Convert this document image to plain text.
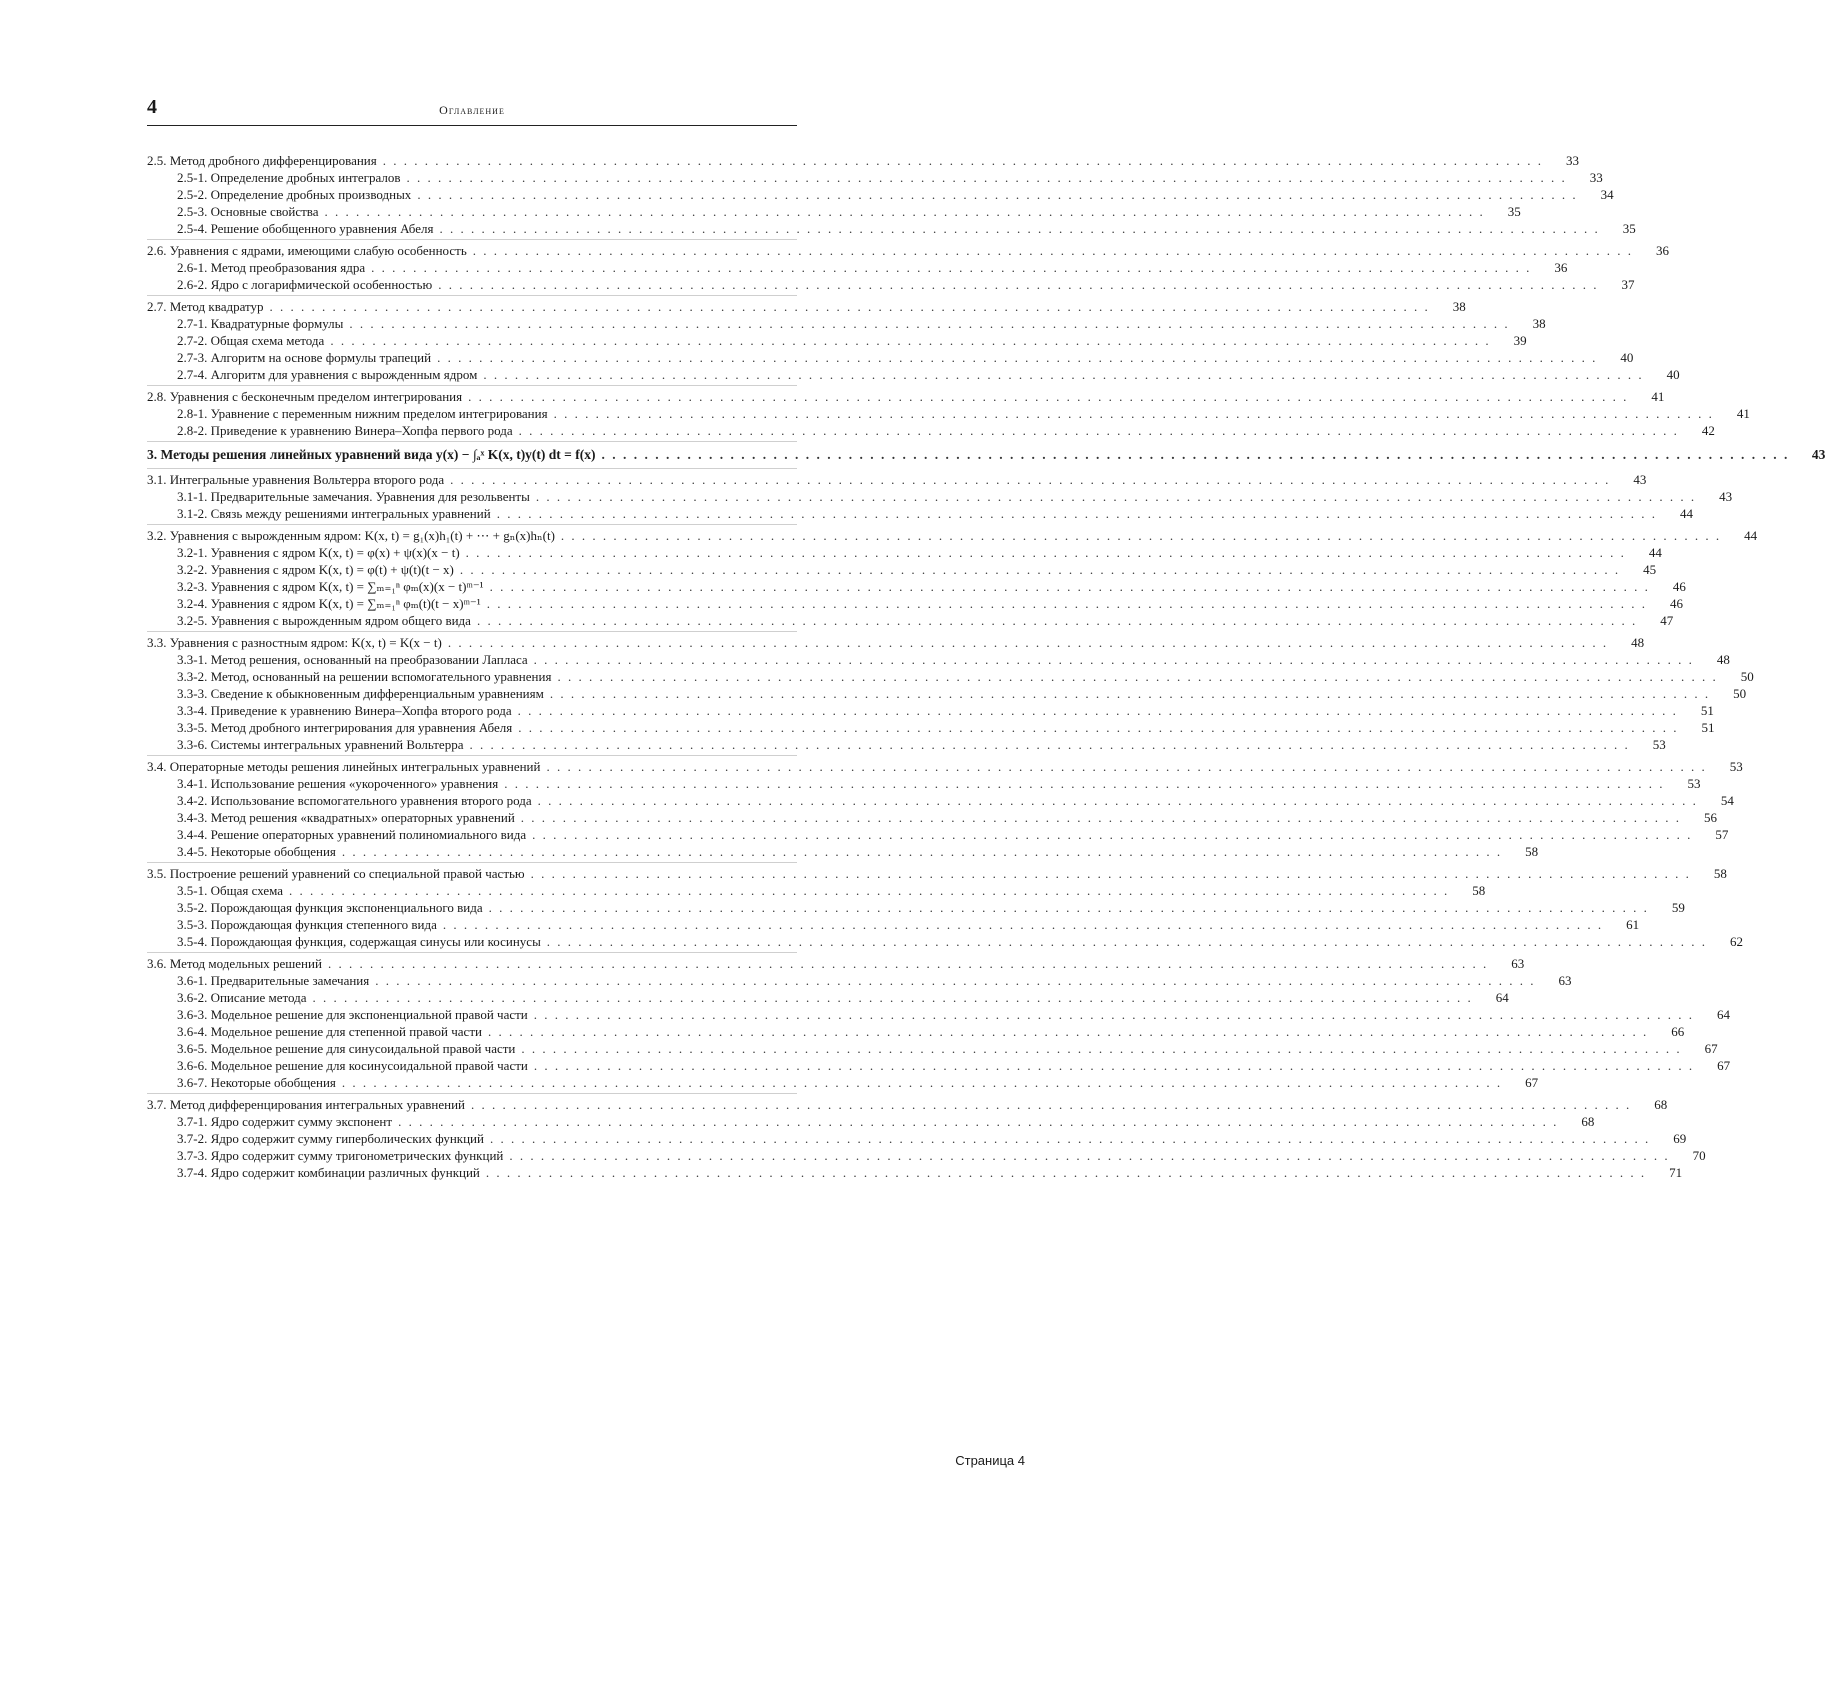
4	Оглавление
2.5. Метод дробного дифференцирования . . .	33
2.5-1. Определение дробных интегралов . . .	33
2.5-2. Определение дробных производных . . .	34
2.5-3. Основные свойства . . .	35
2.5-4. Решение обобщенного уравнения Абеля . . .	35
2.6. Уравнения с ядрами, имеющими слабую особенность . . .	36
2.6-1. Метод преобразования ядра . . .	36
2.6-2. Ядро с логарифмической особенностью . . .	37
2.7. Метод квадратур . . .	38
2.7-1. Квадратурные формулы . . .	38
2.7-2. Общая схема метода . . .	39
2.7-3. Алгоритм на основе формулы трапеций . . .	40
2.7-4. Алгоритм для уравнения с вырожденным ядром . . .	40
2.8. Уравнения с бесконечным пределом интегрирования . . .	41
2.8-1. Уравнение с переменным нижним пределом интегрирования . . .	41
2.8-2. Приведение к уравнению Винера–Хопфа первого рода . . .	42
3. Методы решения линейных уравнений вида y(x) − ∫ₐˣ K(x, t)y(t) dt = f(x) . . .	43
3.1. Интегральные уравнения Вольтерра второго рода . . .	43
3.1-1. Предварительные замечания. Уравнения для резольвенты . . .	43
3.1-2. Связь между решениями интегральных уравнений . . .	44
3.2. Уравнения с вырожденным ядром: K(x, t) = g₁(x)h₁(t) + ⋯ + gₙ(x)hₙ(t) . . .	44
3.2-1. Уравнения с ядром K(x, t) = φ(x) + ψ(x)(x − t) . . .	44
3.2-2. Уравнения с ядром K(x, t) = φ(t) + ψ(t)(t − x) . . .	45
3.2-3. Уравнения с ядром K(x, t) = ∑ₘ₌₁ⁿ φₘ(x)(x − t)ᵐ⁻¹ . . .	46
3.2-4. Уравнения с ядром K(x, t) = ∑ₘ₌₁ⁿ φₘ(t)(t − x)ᵐ⁻¹ . . .	46
3.2-5. Уравнения с вырожденным ядром общего вида . . .	47
3.3. Уравнения с разностным ядром: K(x, t) = K(x − t) . . .	48
3.3-1. Метод решения, основанный на преобразовании Лапласа . . .	48
3.3-2. Метод, основанный на решении вспомогательного уравнения . . .	50
3.3-3. Сведение к обыкновенным дифференциальным уравнениям . . .	50
3.3-4. Приведение к уравнению Винера–Хопфа второго рода . . .	51
3.3-5. Метод дробного интегрирования для уравнения Абеля . . .	51
3.3-6. Системы интегральных уравнений Вольтерра . . .	53
3.4. Операторные методы решения линейных интегральных уравнений . . .	53
3.4-1. Использование решения «укороченного» уравнения . . .	53
3.4-2. Использование вспомогательного уравнения второго рода . . .	54
3.4-3. Метод решения «квадратных» операторных уравнений . . .	56
3.4-4. Решение операторных уравнений полиномиального вида . . .	57
3.4-5. Некоторые обобщения . . .	58
3.5. Построение решений уравнений со специальной правой частью . . .	58
3.5-1. Общая схема . . .	58
3.5-2. Порождающая функция экспоненциального вида . . .	59
3.5-3. Порождающая функция степенного вида . . .	61
3.5-4. Порождающая функция, содержащая синусы или косинусы . . .	62
3.6. Метод модельных решений . . .	63
3.6-1. Предварительные замечания . . .	63
3.6-2. Описание метода . . .	64
3.6-3. Модельное решение для экспоненциальной правой части . . .	64
3.6-4. Модельное решение для степенной правой части . . .	66
3.6-5. Модельное решение для синусоидальной правой части . . .	67
3.6-6. Модельное решение для косинусоидальной правой части . . .	67
3.6-7. Некоторые обобщения . . .	67
3.7. Метод дифференцирования интегральных уравнений . . .	68
3.7-1. Ядро содержит сумму экспонент . . .	68
3.7-2. Ядро содержит сумму гиперболических функций . . .	69
3.7-3. Ядро содержит сумму тригонометрических функций . . .	70
3.7-4. Ядро содержит комбинации различных функций . . .	71
Страница 4
